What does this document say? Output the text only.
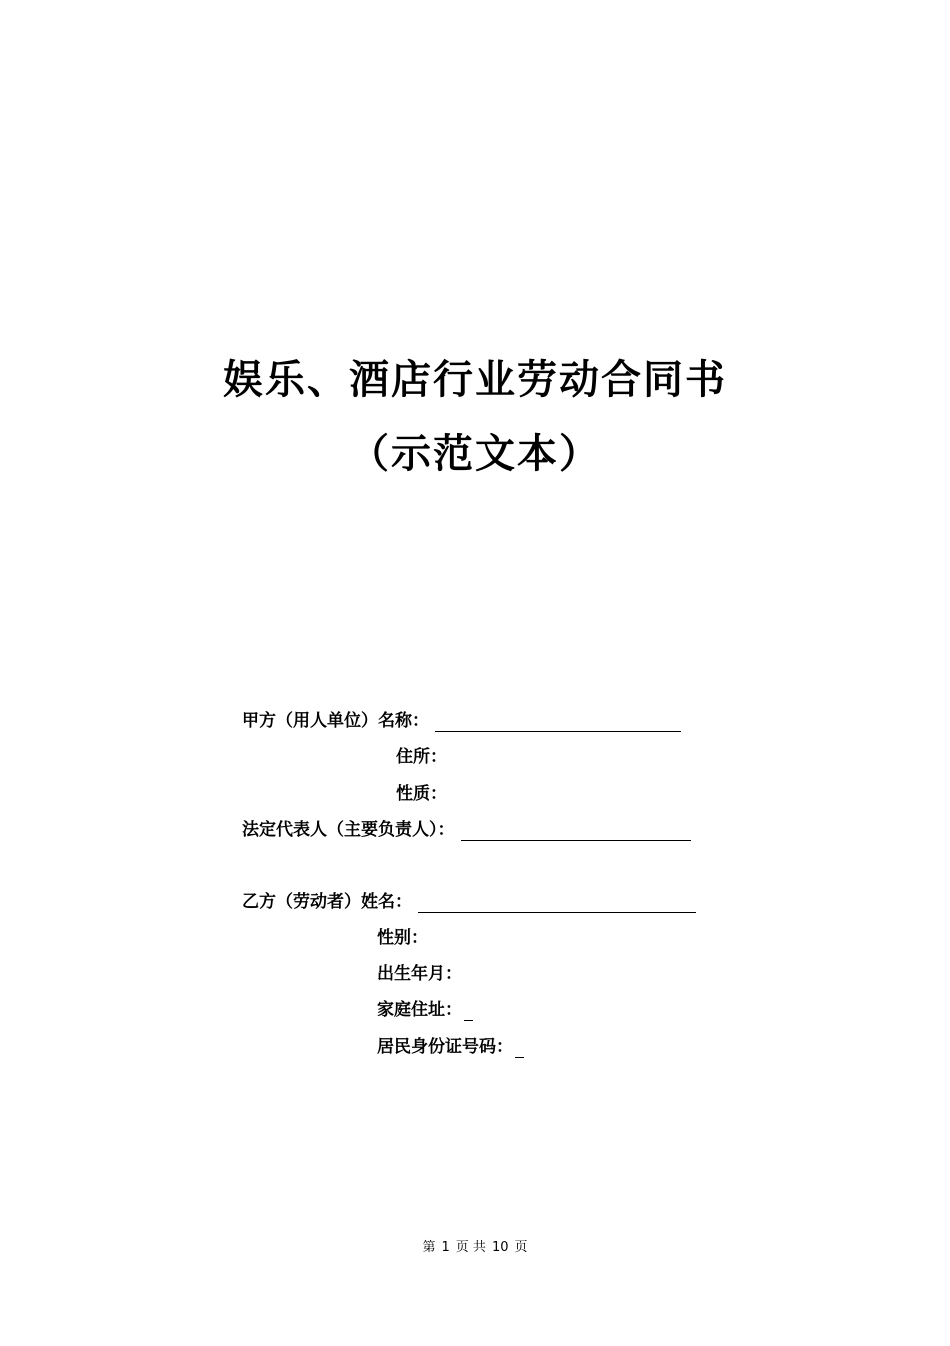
娱乐、酒店行业劳动合同书
（示范文本）
甲方（用人单位）名称：
住所：
性质：
法定代表人（主要负责人）：
乙方（劳动者）姓名：
性别：
出生年月：
家庭住址：
居民身份证号码：
第 1 页 共 10 页
